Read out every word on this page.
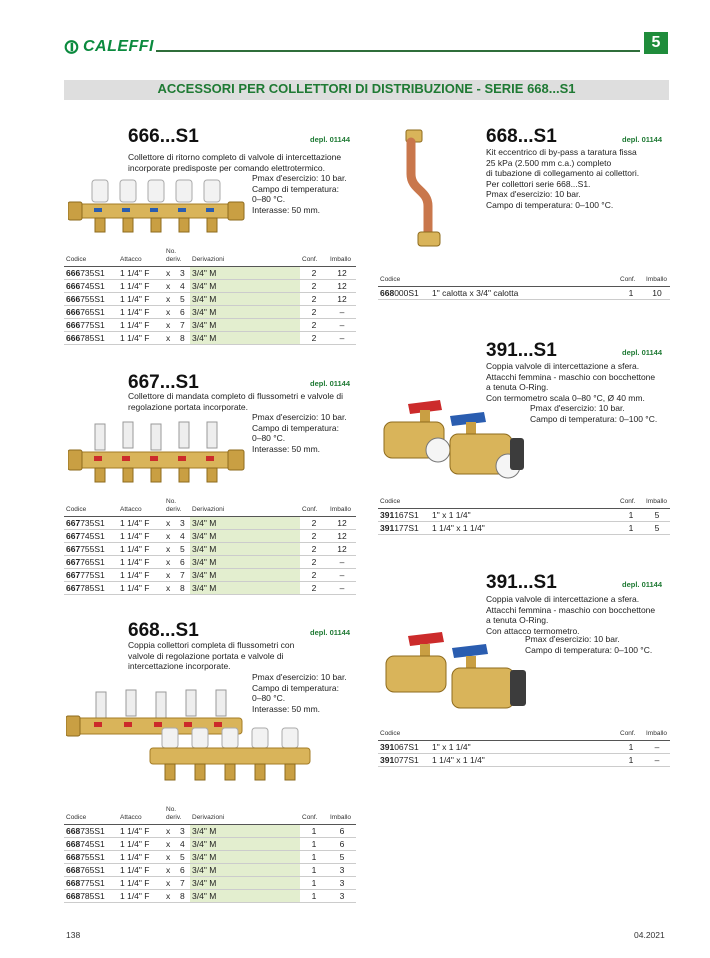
CALEFFI	5
ACCESSORI PER COLLETTORI DI DISTRIBUZIONE - SERIE 668...S1
666...S1	depl. 01144
Collettore di ritorno completo di valvole di intercettazione incorporate predisposte per comando elettrotermico.
Pmax d'esercizio: 10 bar.
Campo di temperatura:
0–80 °C.
Interasse: 50 mm.
Codice	Attacco	No. deriv.		Derivazioni	Conf.	Imballo
666735S1	1 1/4" F	x	3	3/4" M	2	12
666745S1	1 1/4" F	x	4	3/4" M	2	12
666755S1	1 1/4" F	x	5	3/4" M	2	12
666765S1	1 1/4" F	x	6	3/4" M	2	–
666775S1	1 1/4" F	x	7	3/4" M	2	–
666785S1	1 1/4" F	x	8	3/4" M	2	–
667...S1	depl. 01144
Collettore di mandata completo di flussometri e valvole di regolazione portata incorporate.
Pmax d'esercizio: 10 bar.
Campo di temperatura:
0–80 °C.
Interasse: 50 mm.
Codice	Attacco	No. deriv.		Derivazioni	Conf.	Imballo
667735S1	1 1/4" F	x	3	3/4" M	2	12
667745S1	1 1/4" F	x	4	3/4" M	2	12
667755S1	1 1/4" F	x	5	3/4" M	2	12
667765S1	1 1/4" F	x	6	3/4" M	2	–
667775S1	1 1/4" F	x	7	3/4" M	2	–
667785S1	1 1/4" F	x	8	3/4" M	2	–
668...S1	depl. 01144
Coppia collettori completa di flussometri con valvole di regolazione portata e valvole di intercettazione incorporate.
Pmax d'esercizio: 10 bar.
Campo di temperatura:
0–80 °C.
Interasse: 50 mm.
Codice	Attacco	No. deriv.		Derivazioni	Conf.	Imballo
668735S1	1 1/4" F	x	3	3/4" M	1	6
668745S1	1 1/4" F	x	4	3/4" M	1	6
668755S1	1 1/4" F	x	5	3/4" M	1	5
668765S1	1 1/4" F	x	6	3/4" M	1	3
668775S1	1 1/4" F	x	7	3/4" M	1	3
668785S1	1 1/4" F	x	8	3/4" M	1	3
668...S1	depl. 01144
Kit eccentrico di by-pass a taratura fissa
25 kPa (2.500 mm c.a.) completo
di tubazione di collegamento ai collettori.
Per collettori serie 668...S1.
Pmax d'esercizio: 10 bar.
Campo di temperatura: 0–100 °C.
Codice		Conf.	Imballo
668000S1	1" calotta x 3/4" calotta	1	10
391...S1	depl. 01144
Coppia valvole di intercettazione a sfera.
Attacchi femmina - maschio con bocchettone
a tenuta O-Ring.
Con termometro scala 0–80 °C, Ø 40 mm.
Pmax d'esercizio: 10 bar.
Campo di temperatura: 0–100 °C.
Codice		Conf.	Imballo
391167S1	1" x 1 1/4"	1	5
391177S1	1 1/4" x 1 1/4"	1	5
391...S1	depl. 01144
Coppia valvole di intercettazione a sfera.
Attacchi femmina - maschio con bocchettone
a tenuta O-Ring.
Con attacco termometro.
Pmax d'esercizio: 10 bar.
Campo di temperatura: 0–100 °C.
Codice		Conf.	Imballo
391067S1	1" x 1 1/4"	1	–
391077S1	1 1/4" x 1 1/4"	1	–
138	04.2021
